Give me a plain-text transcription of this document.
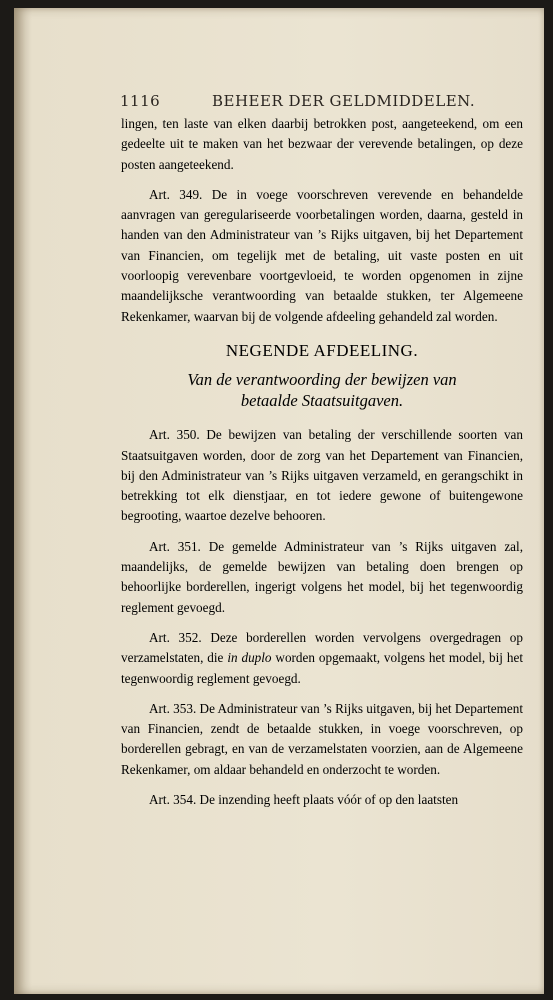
1116	BEHEER DER GELDMIDDELEN.

lingen, ten laste van elken daarbij betrokken post, aangeteekend, om een gedeelte uit te maken van het bezwaar der verevende betalingen, op deze posten aangeteekend.

Art. 349. De in voege voorschreven verevende en behandelde aanvragen van geregulariseerde voorbetalingen worden, daarna, gesteld in handen van den Administrateur van ’s Rijks uitgaven, bij het Departement van Financien, om tegelijk met de betaling, uit vaste posten en uit voorloopig verevenbare voortgevloeid, te worden opgenomen in zijne maandelijksche verantwoording van betaalde stukken, ter Algemeene Rekenkamer, waarvan bij de volgende afdeeling gehandeld zal worden.

NEGENDE AFDEELING.
Van de verantwoording der bewijzen van
betaalde Staatsuitgaven.

Art. 350. De bewijzen van betaling der verschillende soorten van Staatsuitgaven worden, door de zorg van het Departement van Financien, bij den Administrateur van ’s Rijks uitgaven verzameld, en gerangschikt in betrekking tot elk dienstjaar, en tot iedere gewone of buitengewone begrooting, waartoe dezelve behooren.

Art. 351. De gemelde Administrateur van ’s Rijks uitgaven zal, maandelijks, de gemelde bewijzen van betaling doen brengen op behoorlijke borderellen, ingerigt volgens het model, bij het tegenwoordig reglement gevoegd.

Art. 352. Deze borderellen worden vervolgens overgedragen op verzamelstaten, die in duplo worden opgemaakt, volgens het model, bij het tegenwoordig reglement gevoegd.

Art. 353. De Administrateur van ’s Rijks uitgaven, bij het Departement van Financien, zendt de betaalde stukken, in voege voorschreven, op borderellen gebragt, en van de verzamelstaten voorzien, aan de Algemeene Rekenkamer, om aldaar behandeld en onderzocht te worden.

Art. 354. De inzending heeft plaats vóór of op den laatsten
